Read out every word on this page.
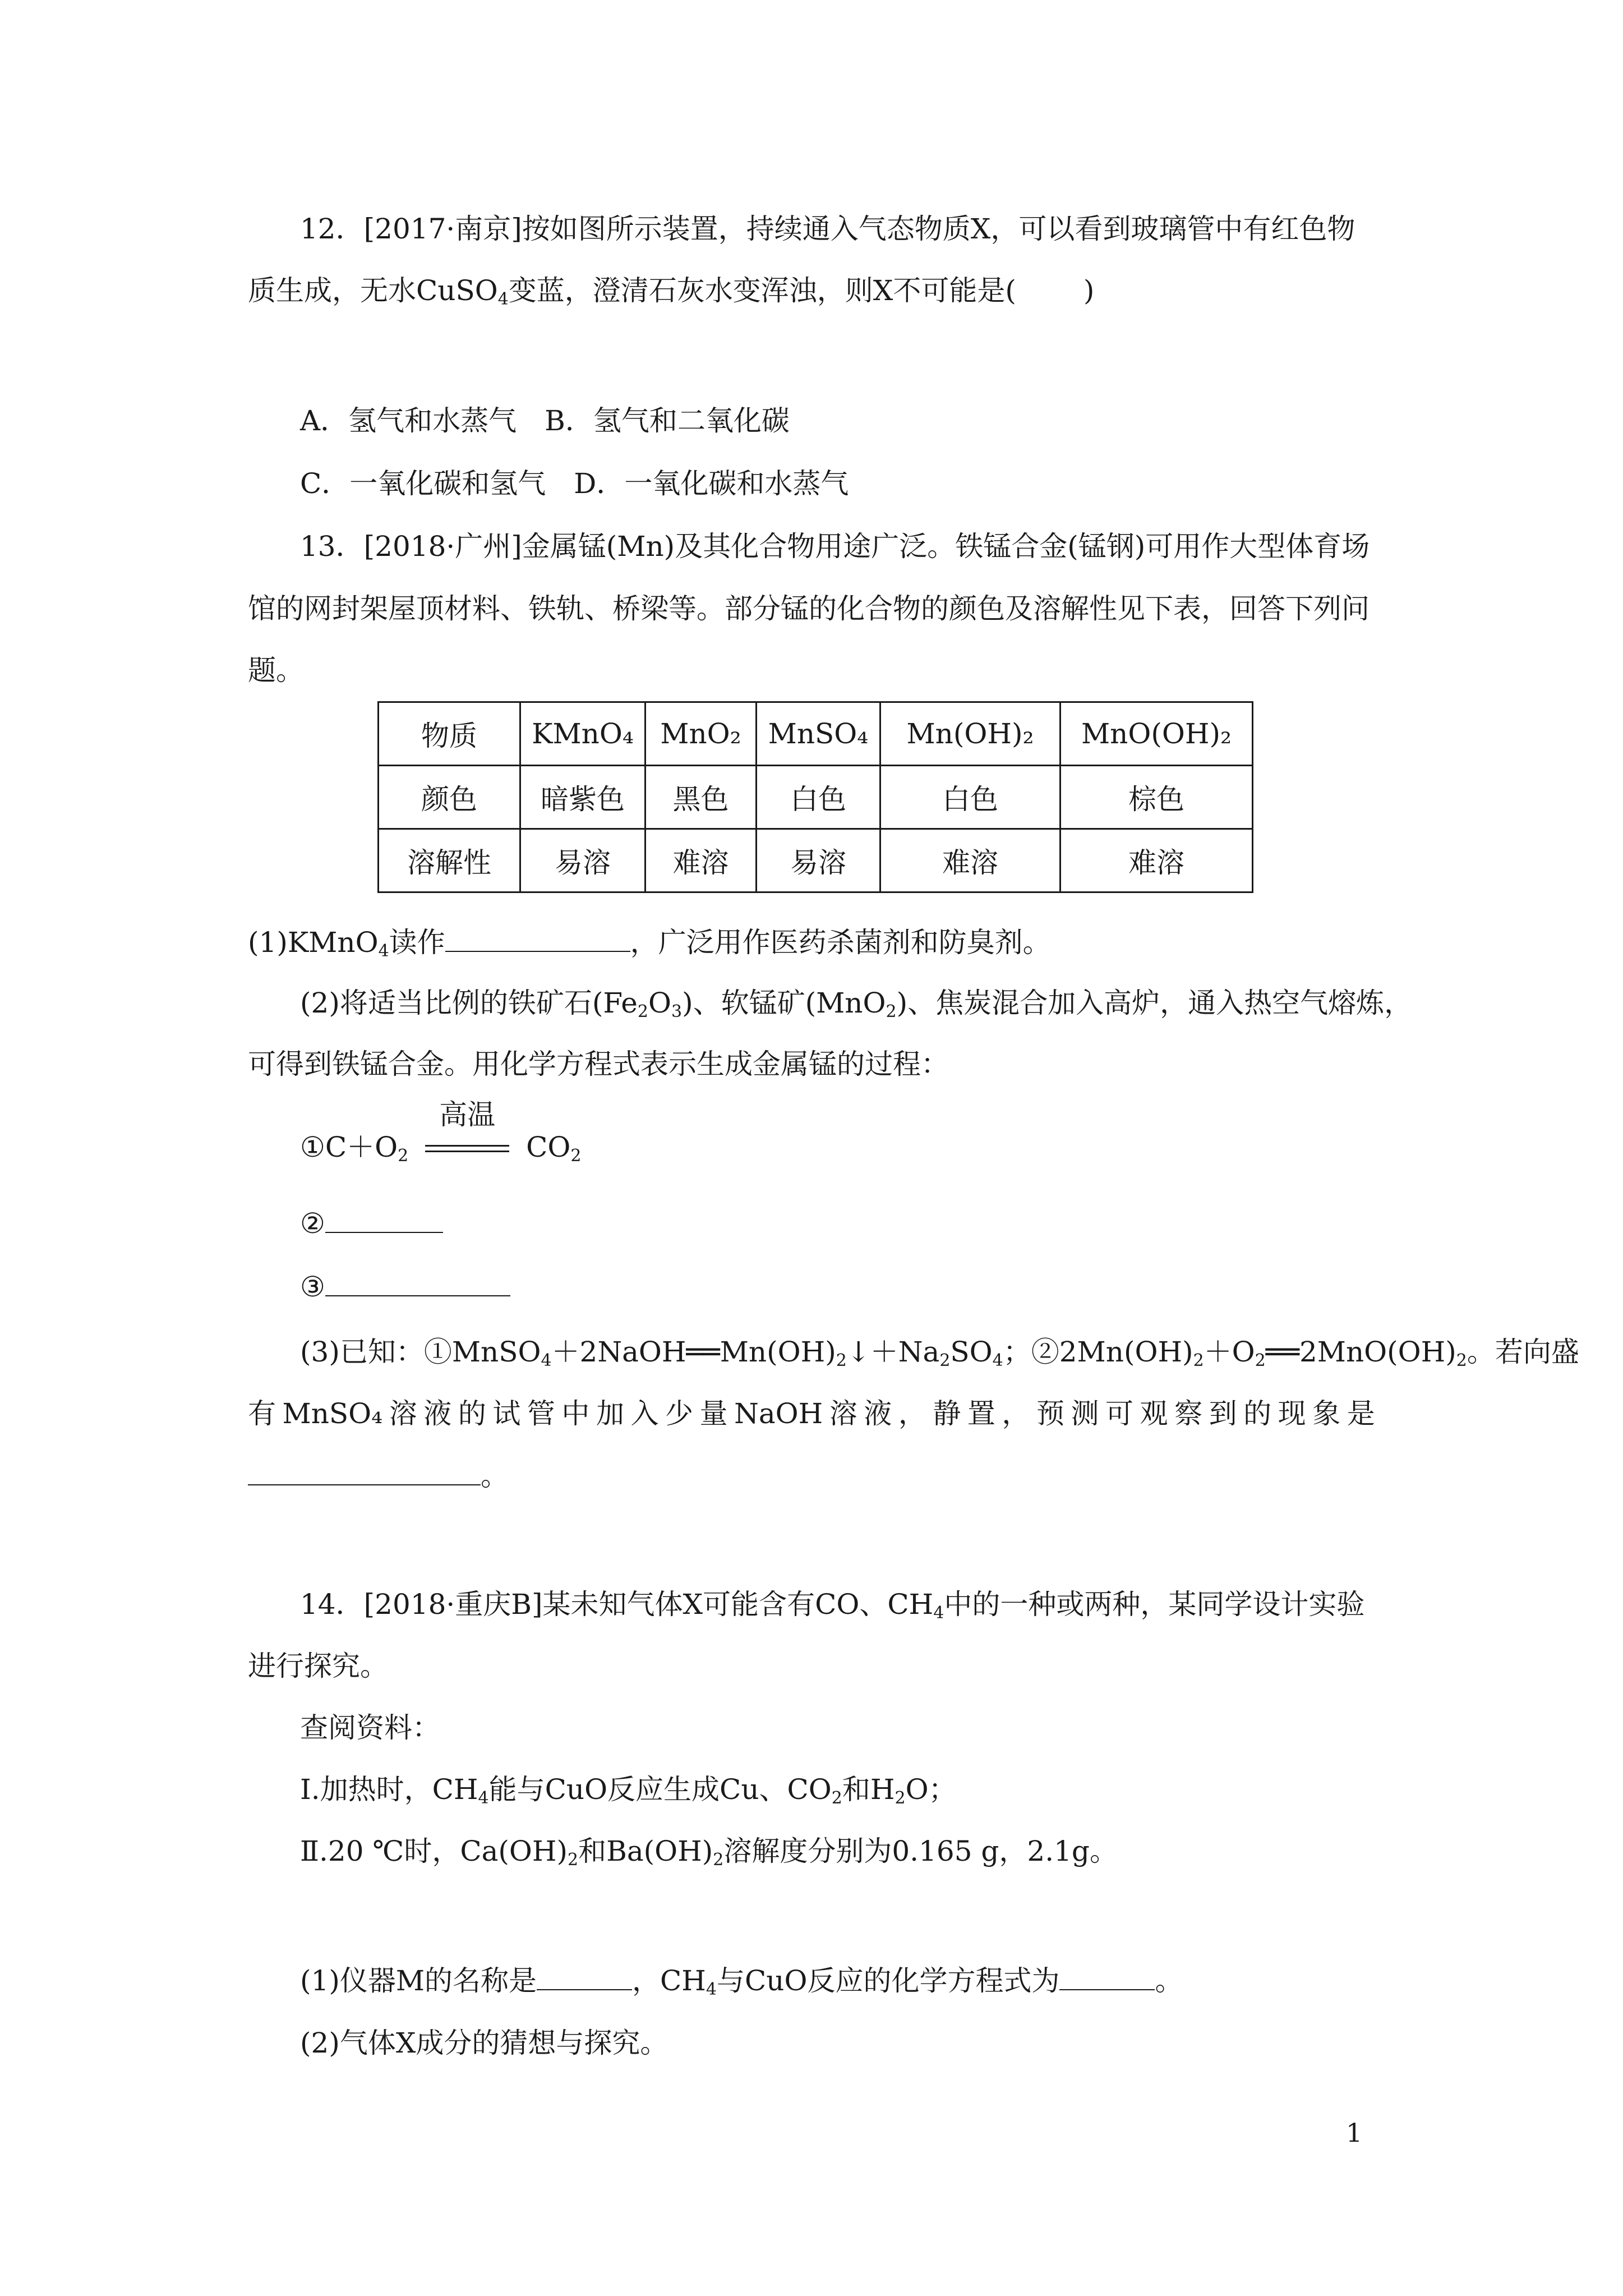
12．[2017·南京]按如图所示装置，持续通入气态物质X，可以看到玻璃管中有红色物
质生成，无水CuSO$_4$变蓝，澄清石灰水变浑浊，则X不可能是( )
A．氢气和水蒸气　B．氢气和二氧化碳
C．一氧化碳和氢气　D．一氧化碳和水蒸气
13．[2018·广州]金属锰(Mn)及其化合物用途广泛。铁锰合金(锰钢)可用作大型体育场
馆的网封架屋顶材料、铁轨、桥梁等。部分锰的化合物的颜色及溶解性见下表，回答下列问
题。
物质	KMnO₄	MnO₂	MnSO₄	Mn(OH)₂	MnO(OH)₂
颜色	暗紫色	黑色	白色	白色	棕色
溶解性	易溶	难溶	易溶	难溶	难溶
(1)KMnO$_4$读作	，广泛用作医药杀菌剂和防臭剂。
(2)将适当比例的铁矿石$(Fe_2O_3)$、软锰矿(MnO$_2$)、焦炭混合加入高炉，通入热空气熔炼，
可得到铁锰合金。用化学方程式表示生成金属锰的过程：
$①C+O_2$
高温
$CO_2$
②
③
(3)已知：$①MnSO_4+2NaOH══Mn(OH)_2↓+Na_2SO_4$；$②2Mn(OH)_2+O_2══2MnO(OH)_2$。若向盛
有 MnSO₄ 溶 液 的 试 管 中 加 入 少 量 NaOH 溶 液 ， 静 置 ， 预 测 可 观 察 到 的 现 象 是
。
14．[2018·重庆B]某未知气体X可能含有CO、$CH_4$中的一种或两种，某同学设计实验
进行探究。
查阅资料：
Ⅰ.加热时，$CH_4$能与CuO反应生成Cu、$CO_2$和$H_2O$；
Ⅱ.20 ℃时，$Ca(OH)_2$和$Ba(OH)_2$溶解度分别为0.165 g，2.1g。
(1)仪器M的名称是	，$CH_4$与CuO反应的化学方程式为	。
(2)气体X成分的猜想与探究。
1
